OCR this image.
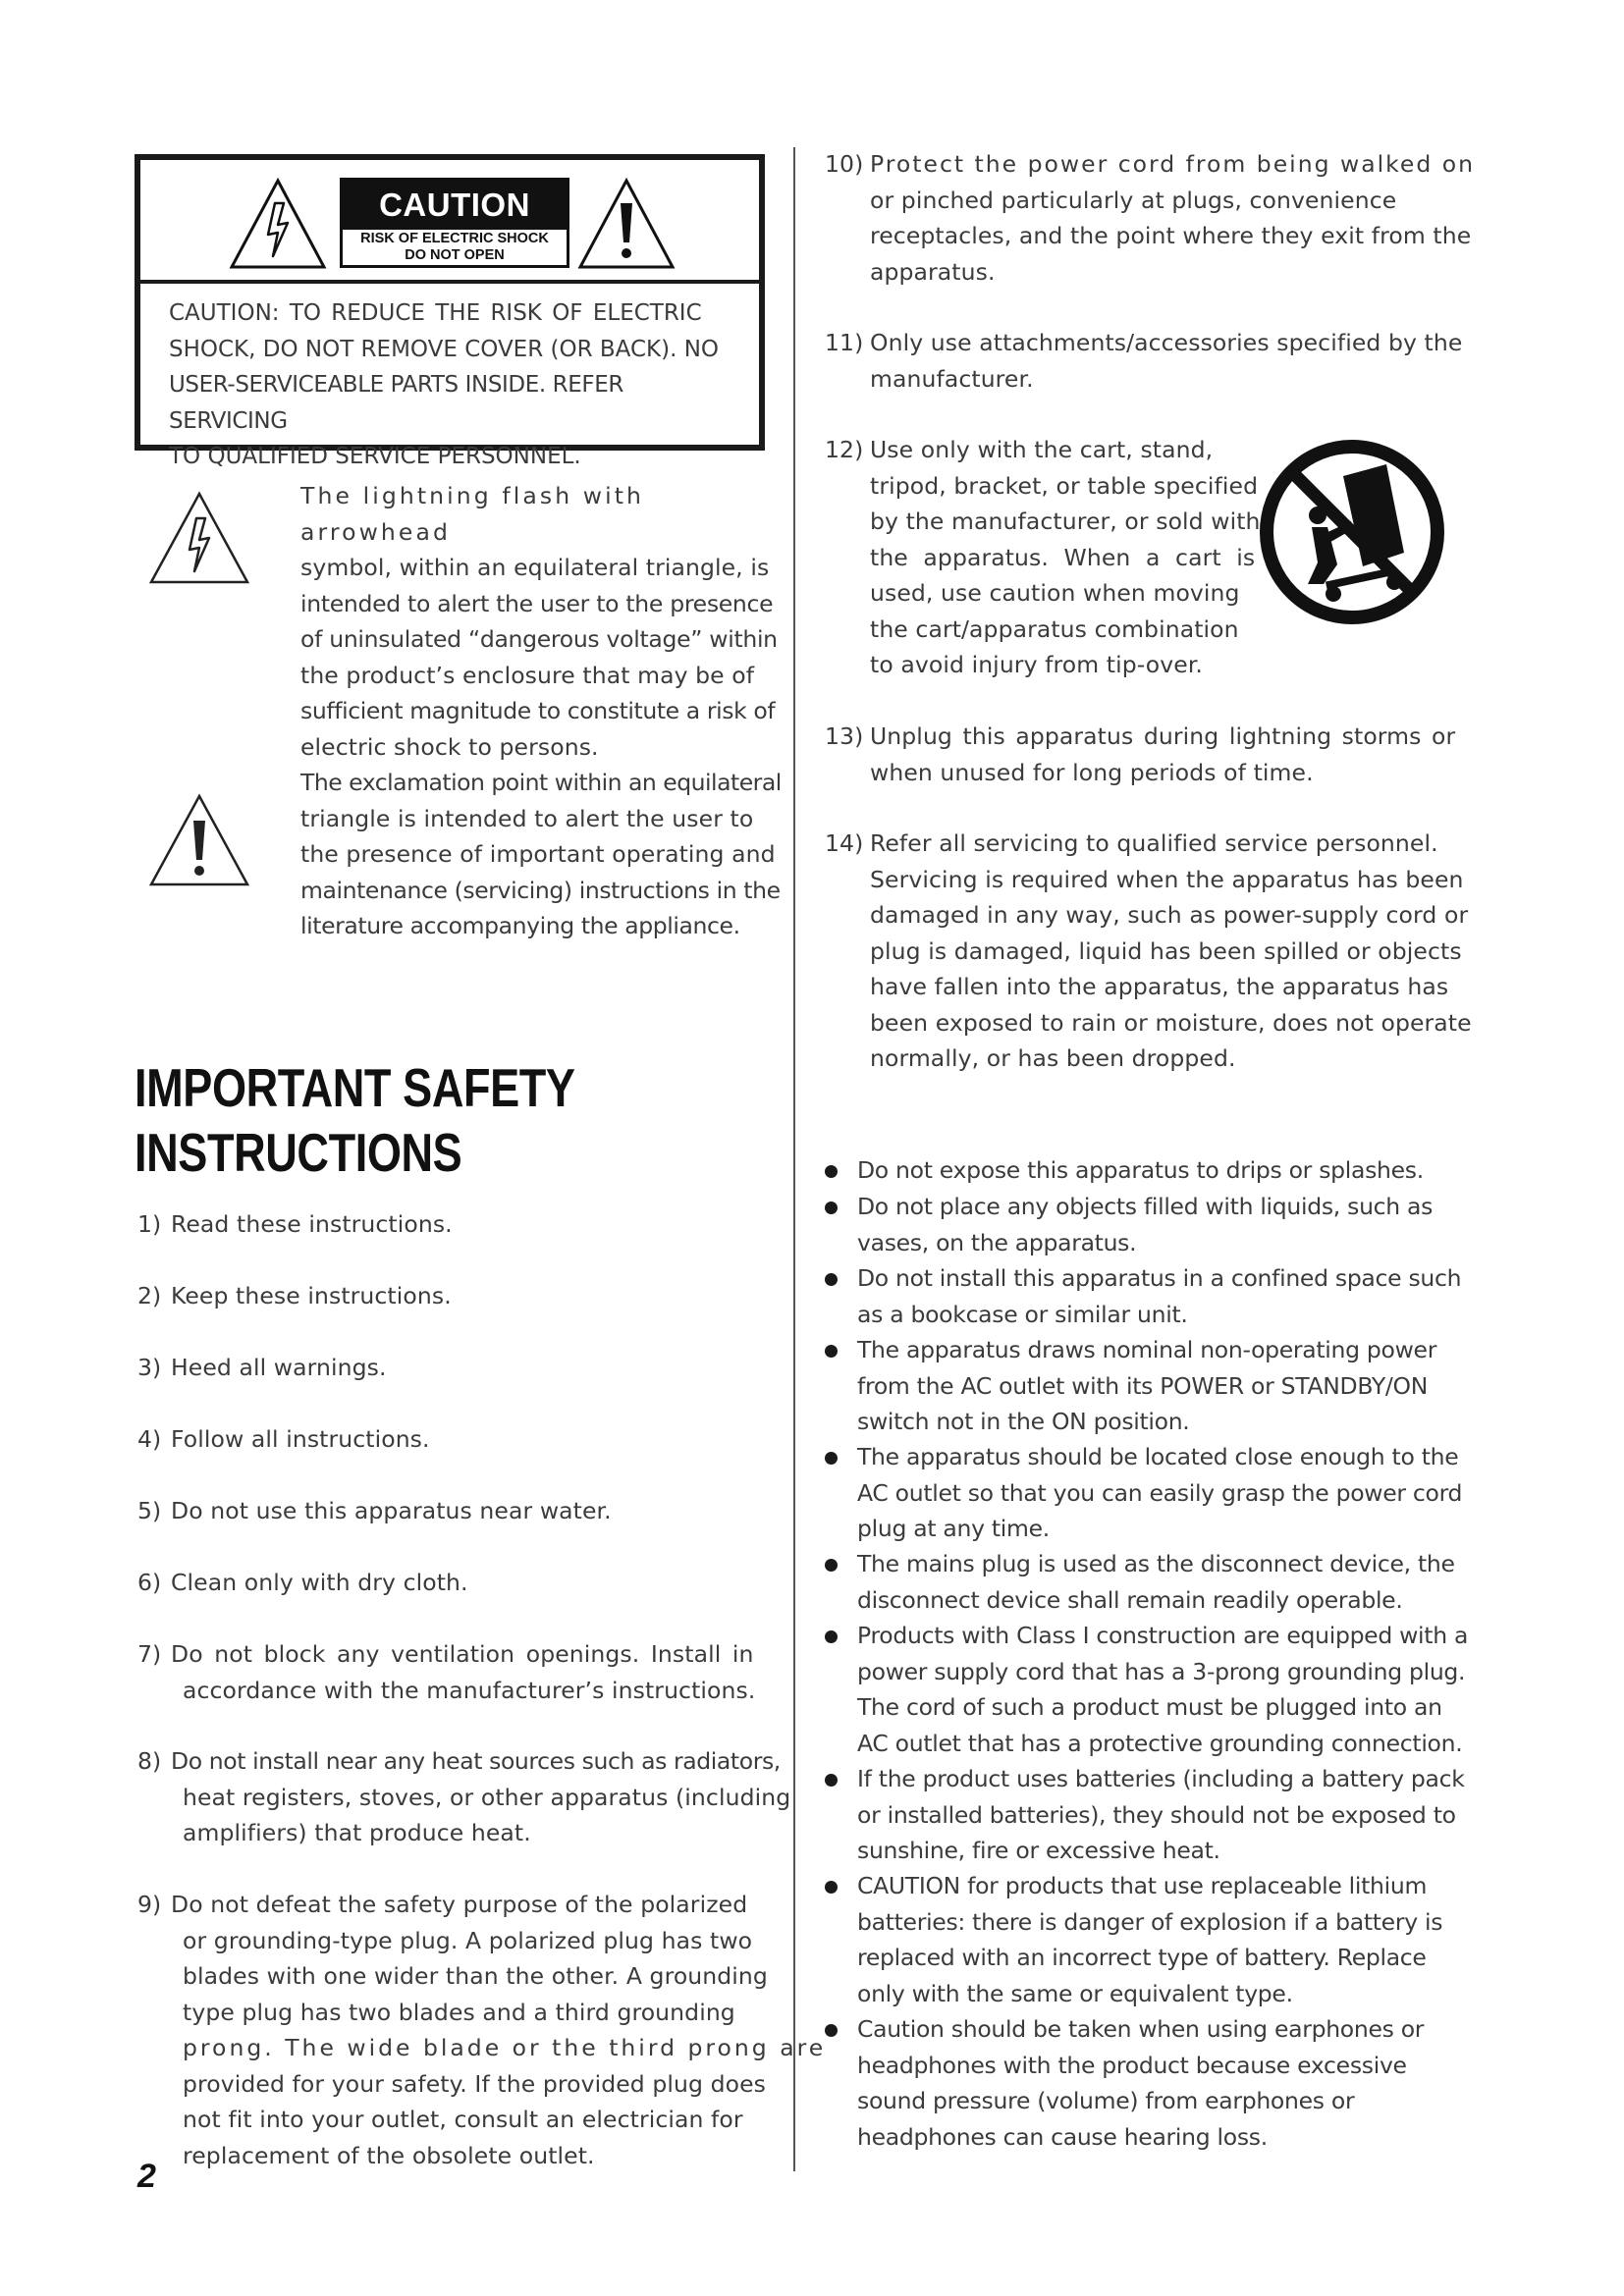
CAUTION
RISK OF ELECTRIC SHOCK
DO NOT OPEN
CAUTION: TO REDUCE THE RISK OF ELECTRIC
SHOCK, DO NOT REMOVE COVER (OR BACK). NO
USER-SERVICEABLE PARTS INSIDE. REFER SERVICING
TO QUALIFIED SERVICE PERSONNEL.
The lightning flash with arrowhead
symbol, within an equilateral triangle, is
intended to alert the user to the presence
of uninsulated “dangerous voltage” within
the product’s enclosure that may be of
sufficient magnitude to constitute a risk of
electric shock to persons.
The exclamation point within an equilateral
triangle is intended to alert the user to
the presence of important operating and
maintenance (servicing) instructions in the
literature accompanying the appliance.
IMPORTANT SAFETY
INSTRUCTIONS
1) Read these instructions.
2) Keep these instructions.
3) Heed all warnings.
4) Follow all instructions.
5) Do not use this apparatus near water.
6) Clean only with dry cloth.
7) Do not block any ventilation openings. Install in
accordance with the manufacturer’s instructions.
8) Do not install near any heat sources such as radiators,
heat registers, stoves, or other apparatus (including
amplifiers) that produce heat.
9) Do not defeat the safety purpose of the polarized
or grounding-type plug. A polarized plug has two
blades with one wider than the other. A grounding
type plug has two blades and a third grounding
prong. The wide blade or the third prong are
provided for your safety. If the provided plug does
not fit into your outlet, consult an electrician for
replacement of the obsolete outlet.
10) Protect the power cord from being walked on
or pinched particularly at plugs, convenience
receptacles, and the point where they exit from the
apparatus.
11) Only use attachments/accessories specified by the
manufacturer.
12) Use only with the cart, stand,
tripod, bracket, or table specified
by the manufacturer, or sold with
the apparatus. When a cart is
used, use caution when moving
the cart/apparatus combination
to avoid injury from tip-over.
13) Unplug this apparatus during lightning storms or
when unused for long periods of time.
14) Refer all servicing to qualified service personnel.
Servicing is required when the apparatus has been
damaged in any way, such as power-supply cord or
plug is damaged, liquid has been spilled or objects
have fallen into the apparatus, the apparatus has
been exposed to rain or moisture, does not operate
normally, or has been dropped.
Do not expose this apparatus to drips or splashes.
Do not place any objects filled with liquids, such as
vases, on the apparatus.
Do not install this apparatus in a confined space such
as a bookcase or similar unit.
The apparatus draws nominal non-operating power
from the AC outlet with its POWER or STANDBY/ON
switch not in the ON position.
The apparatus should be located close enough to the
AC outlet so that you can easily grasp the power cord
plug at any time.
The mains plug is used as the disconnect device, the
disconnect device shall remain readily operable.
Products with Class I construction are equipped with a
power supply cord that has a 3-prong grounding plug.
The cord of such a product must be plugged into an
AC outlet that has a protective grounding connection.
If the product uses batteries (including a battery pack
or installed batteries), they should not be exposed to
sunshine, fire or excessive heat.
CAUTION for products that use replaceable lithium
batteries: there is danger of explosion if a battery is
replaced with an incorrect type of battery. Replace
only with the same or equivalent type.
Caution should be taken when using earphones or
headphones with the product because excessive
sound pressure (volume) from earphones or
headphones can cause hearing loss.
2
